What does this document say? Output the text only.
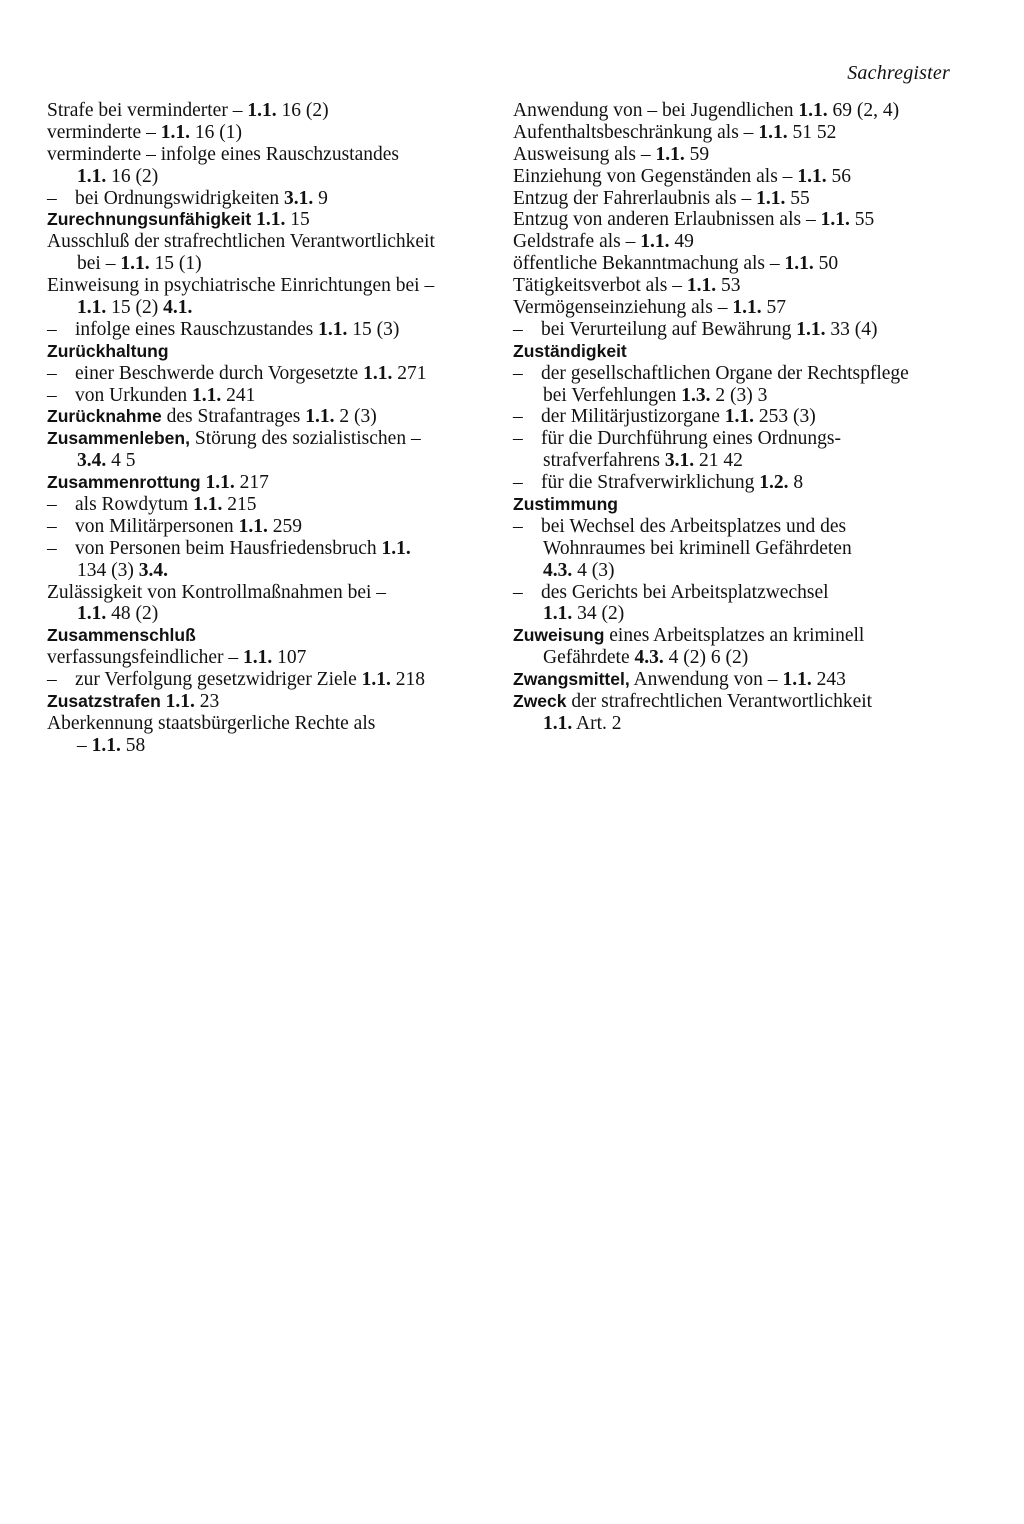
Sachregister
Strafe bei verminderter – 1.1. 16 (2)
verminderte – 1.1. 16 (1)
verminderte – infolge eines Rauschzustandes
1.1. 16 (2)
– bei Ordnungswidrigkeiten 3.1. 9
Zurechnungsunfähigkeit 1.1. 15
Ausschluß der strafrechtlichen Verantwortlichkeit
bei – 1.1. 15 (1)
Einweisung in psychiatrische Einrichtungen bei –
1.1. 15 (2) 4.1.
– infolge eines Rauschzustandes 1.1. 15 (3)
Zurückhaltung
– einer Beschwerde durch Vorgesetzte 1.1. 271
– von Urkunden 1.1. 241
Zurücknahme des Strafantrages 1.1. 2 (3)
Zusammenleben, Störung des sozialistischen –
3.4. 4 5
Zusammenrottung 1.1. 217
– als Rowdytum 1.1. 215
– von Militärpersonen 1.1. 259
– von Personen beim Hausfriedensbruch 1.1.
134 (3) 3.4.
Zulässigkeit von Kontrollmaßnahmen bei –
1.1. 48 (2)
Zusammenschluß
verfassungsfeindlicher – 1.1. 107
– zur Verfolgung gesetzwidriger Ziele 1.1. 218
Zusatzstrafen 1.1. 23
Aberkennung staatsbürgerliche Rechte als
– 1.1. 58
Anwendung von – bei Jugendlichen 1.1. 69 (2, 4)
Aufenthaltsbeschränkung als – 1.1. 51 52
Ausweisung als – 1.1. 59
Einziehung von Gegenständen als – 1.1. 56
Entzug der Fahrerlaubnis als – 1.1. 55
Entzug von anderen Erlaubnissen als – 1.1. 55
Geldstrafe als – 1.1. 49
öffentliche Bekanntmachung als – 1.1. 50
Tätigkeitsverbot als – 1.1. 53
Vermögenseinziehung als – 1.1. 57
– bei Verurteilung auf Bewährung 1.1. 33 (4)
Zuständigkeit
– der gesellschaftlichen Organe der Rechtspflege
bei Verfehlungen 1.3. 2 (3) 3
– der Militärjustizorgane 1.1. 253 (3)
– für die Durchführung eines Ordnungs-
strafverfahrens 3.1. 21 42
– für die Strafverwirklichung 1.2. 8
Zustimmung
– bei Wechsel des Arbeitsplatzes und des
Wohnraumes bei kriminell Gefährdeten
4.3. 4 (3)
– des Gerichts bei Arbeitsplatzwechsel
1.1. 34 (2)
Zuweisung eines Arbeitsplatzes an kriminell
Gefährdete 4.3. 4 (2) 6 (2)
Zwangsmittel, Anwendung von – 1.1. 243
Zweck der strafrechtlichen Verantwortlichkeit
1.1. Art. 2
